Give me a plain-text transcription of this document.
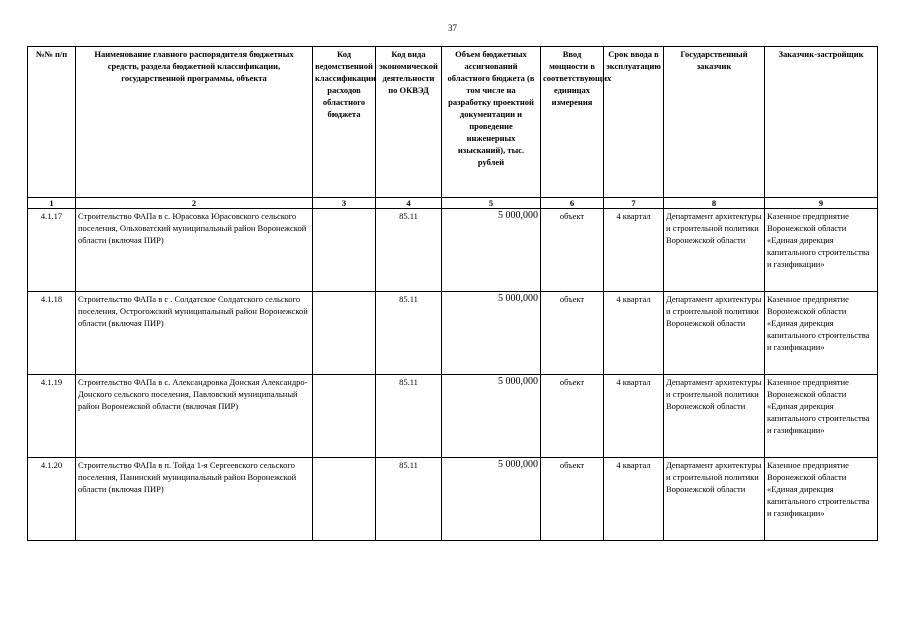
37
№№ п/п	Наименование главного распорядителя бюджетных средств, раздела бюджетной классификации, государственной программы, объекта	Код ведомственной классификации расходов областного бюджета	Код вида экономической деятельности по ОКВЭД	Объем бюджетных ассигнований областного бюджета (в том числе на разработку проектной документации и проведение инженерных изысканий), тыс. рублей	Ввод мощности в соответствующих единицах измерения	Срок ввода в эксплуатацию	Государственный заказчик	Заказчик-застройщик
1	2	3	4	5	6	7	8	9
4.1.17	Строительство ФАПа в с. Юрасовка Юрасовского сельского поселения, Ольховатский муниципальный район Воронежской области (включая ПИР)		85.11	5 000,000	объект	4 квартал	Департамент архитектуры и строительной политики Воронежской области	Казенное предприятие Воронежской области «Единая дирекция капитального строительства и газификации»
4.1.18	Строительство ФАПа в с . Солдатское Солдатского сельского поселения, Острогожский муниципальный район Воронежской области (включая ПИР)		85.11	5 000,000	объект	4 квартал	Департамент архитектуры и строительной политики Воронежской области	Казенное предприятие Воронежской области «Единая дирекция капитального строительства и газификации»
4.1.19	Строительство ФАПа в с. Александровка Донская Александро-Донского сельского поселения, Павловский муниципальный район Воронежской области (включая ПИР)		85.11	5 000,000	объект	4 квартал	Департамент архитектуры и строительной политики Воронежской области	Казенное предприятие Воронежской области «Единая дирекция капитального строительства и газификации»
4.1.20	Строительство ФАПа в п. Тойда 1-я Сергеевского сельского поселения, Панинский муниципальный район Воронежской области (включая ПИР)		85.11	5 000,000	объект	4 квартал	Департамент архитектуры и строительной политики Воронежской области	Казенное предприятие Воронежской области «Единая дирекция капитального строительства и газификации»
